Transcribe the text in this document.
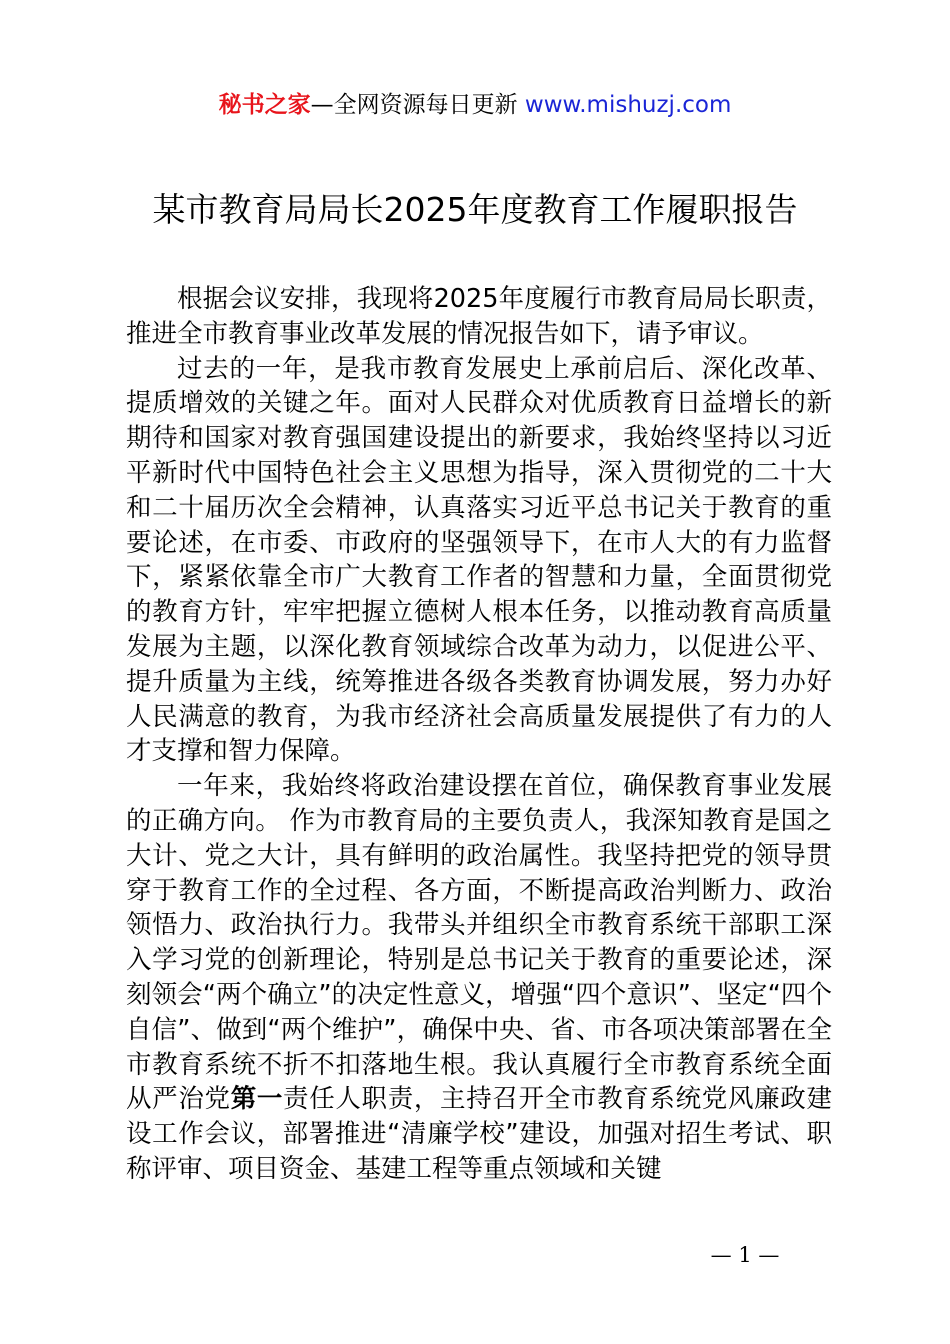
秘书之家—全网资源每日更新 www.mishuzj.com
某市教育局局长2025年度教育工作履职报告

根据会议安排，我现将2025年度履行市教育局局长职责，推进全市教育事业改革发展的情况报告如下，请予审议。

过去的一年，是我市教育发展史上承前启后、深化改革、提质增效的关键之年。面对人民群众对优质教育日益增长的新期待和国家对教育强国建设提出的新要求，我始终坚持以习近平新时代中国特色社会主义思想为指导，深入贯彻党的二十大和二十届历次全会精神，认真落实习近平总书记关于教育的重要论述，在市委、市政府的坚强领导下，在市人大的有力监督下，紧紧依靠全市广大教育工作者的智慧和力量，全面贯彻党的教育方针，牢牢把握立德树人根本任务，以推动教育高质量发展为主题，以深化教育领域综合改革为动力，以促进公平、提升质量为主线，统筹推进各级各类教育协调发展，努力办好人民满意的教育，为我市经济社会高质量发展提供了有力的人才支撑和智力保障。

一年来，我始终将政治建设摆在首位，确保教育事业发展的正确方向。 作为市教育局的主要负责人，我深知教育是国之大计、党之大计，具有鲜明的政治属性。我坚持把党的领导贯穿于教育工作的全过程、各方面，不断提高政治判断力、政治领悟力、政治执行力。我带头并组织全市教育系统干部职工深入学习党的创新理论，特别是总书记关于教育的重要论述，深刻领会“两个确立”的决定性意义，增强“四个意识”、坚定“四个自信”、做到“两个维护”，确保中央、省、市各项决策部署在全市教育系统不折不扣落地生根。我认真履行全市教育系统全面从严治党第一责任人职责，主持召开全市教育系统党风廉政建设工作会议，部署推进“清廉学校”建设，加强对招生考试、职称评审、项目资金、基建工程等重点领域和关键

— 1 —
